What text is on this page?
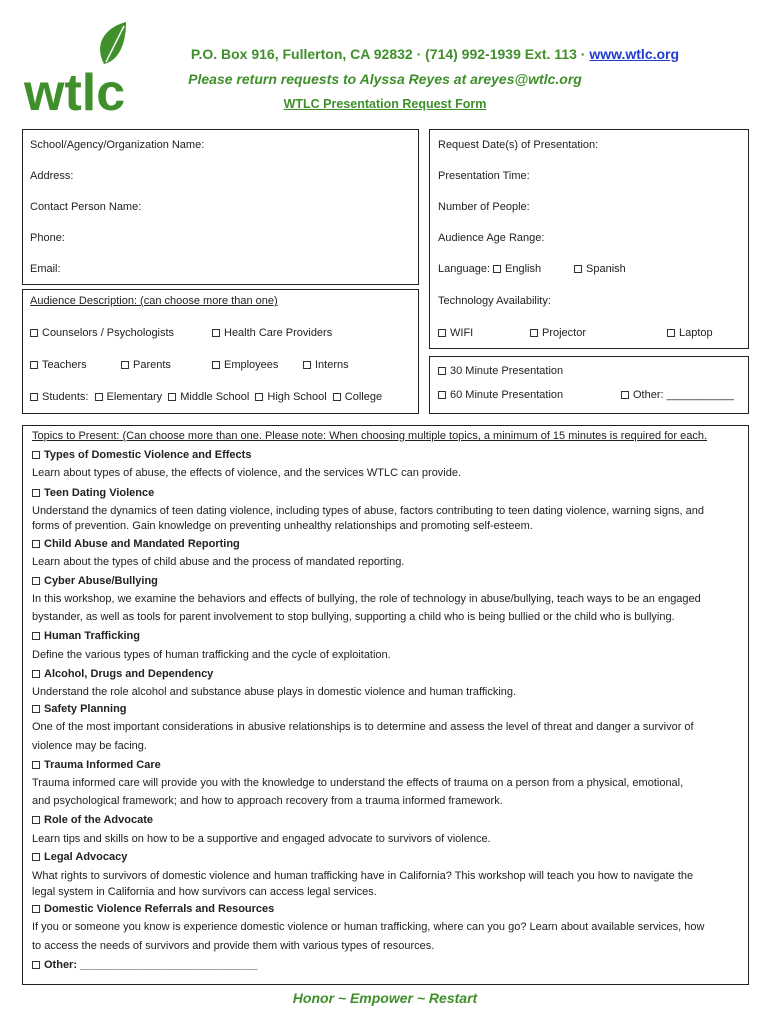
wtlc
P.O. Box 916, Fullerton, CA 92832 · (714) 992-1939 Ext. 113 · www.wtlc.org
Please return requests to Alyssa Reyes at areyes@wtlc.org
WTLC Presentation Request Form
School/Agency/Organization Name:
Address:
Contact Person Name:
Phone:
Email:
Request Date(s) of Presentation:
Presentation Time:
Number of People:
Audience Age Range:
Language:	English	Spanish
Technology Availability:
WIFI	Projector	Laptop
Audience Description: (can choose more than one)
Counselors / Psychologists	Health Care Providers
Teachers	Parents	Employees	Interns
Students: Elementary Middle School High School College
30 Minute Presentation
60 Minute Presentation	Other: ___________
Topics to Present: (Can choose more than one. Please note: When choosing multiple topics, a minimum of 15 minutes is required for each.
Types of Domestic Violence and Effects
Learn about types of abuse, the effects of violence, and the services WTLC can provide.
Teen Dating Violence
Understand the dynamics of teen dating violence, including types of abuse, factors contributing to teen dating violence, warning signs, and
forms of prevention. Gain knowledge on preventing unhealthy relationships and promoting self-esteem.
Child Abuse and Mandated Reporting
Learn about the types of child abuse and the process of mandated reporting.
Cyber Abuse/Bullying
In this workshop, we examine the behaviors and effects of bullying, the role of technology in abuse/bullying, teach ways to be an engaged
bystander, as well as tools for parent involvement to stop bullying, supporting a child who is being bullied or the child who is bullying.
Human Trafficking
Define the various types of human trafficking and the cycle of exploitation.
Alcohol, Drugs and Dependency
Understand the role alcohol and substance abuse plays in domestic violence and human trafficking.
Safety Planning
One of the most important considerations in abusive relationships is to determine and assess the level of threat and danger a survivor of
violence may be facing.
Trauma Informed Care
Trauma informed care will provide you with the knowledge to understand the effects of trauma on a person from a physical, emotional,
and psychological framework; and how to approach recovery from a trauma informed framework.
Role of the Advocate
Learn tips and skills on how to be a supportive and engaged advocate to survivors of violence.
Legal Advocacy
What rights to survivors of domestic violence and human trafficking have in California? This workshop will teach you how to navigate the
legal system in California and how survivors can access legal services.
Domestic Violence Referrals and Resources
If you or someone you know is experience domestic violence or human trafficking, where can you go? Learn about available services, how
to access the needs of survivors and provide them with various types of resources.
Other: _____________________________
Honor ~ Empower ~ Restart
